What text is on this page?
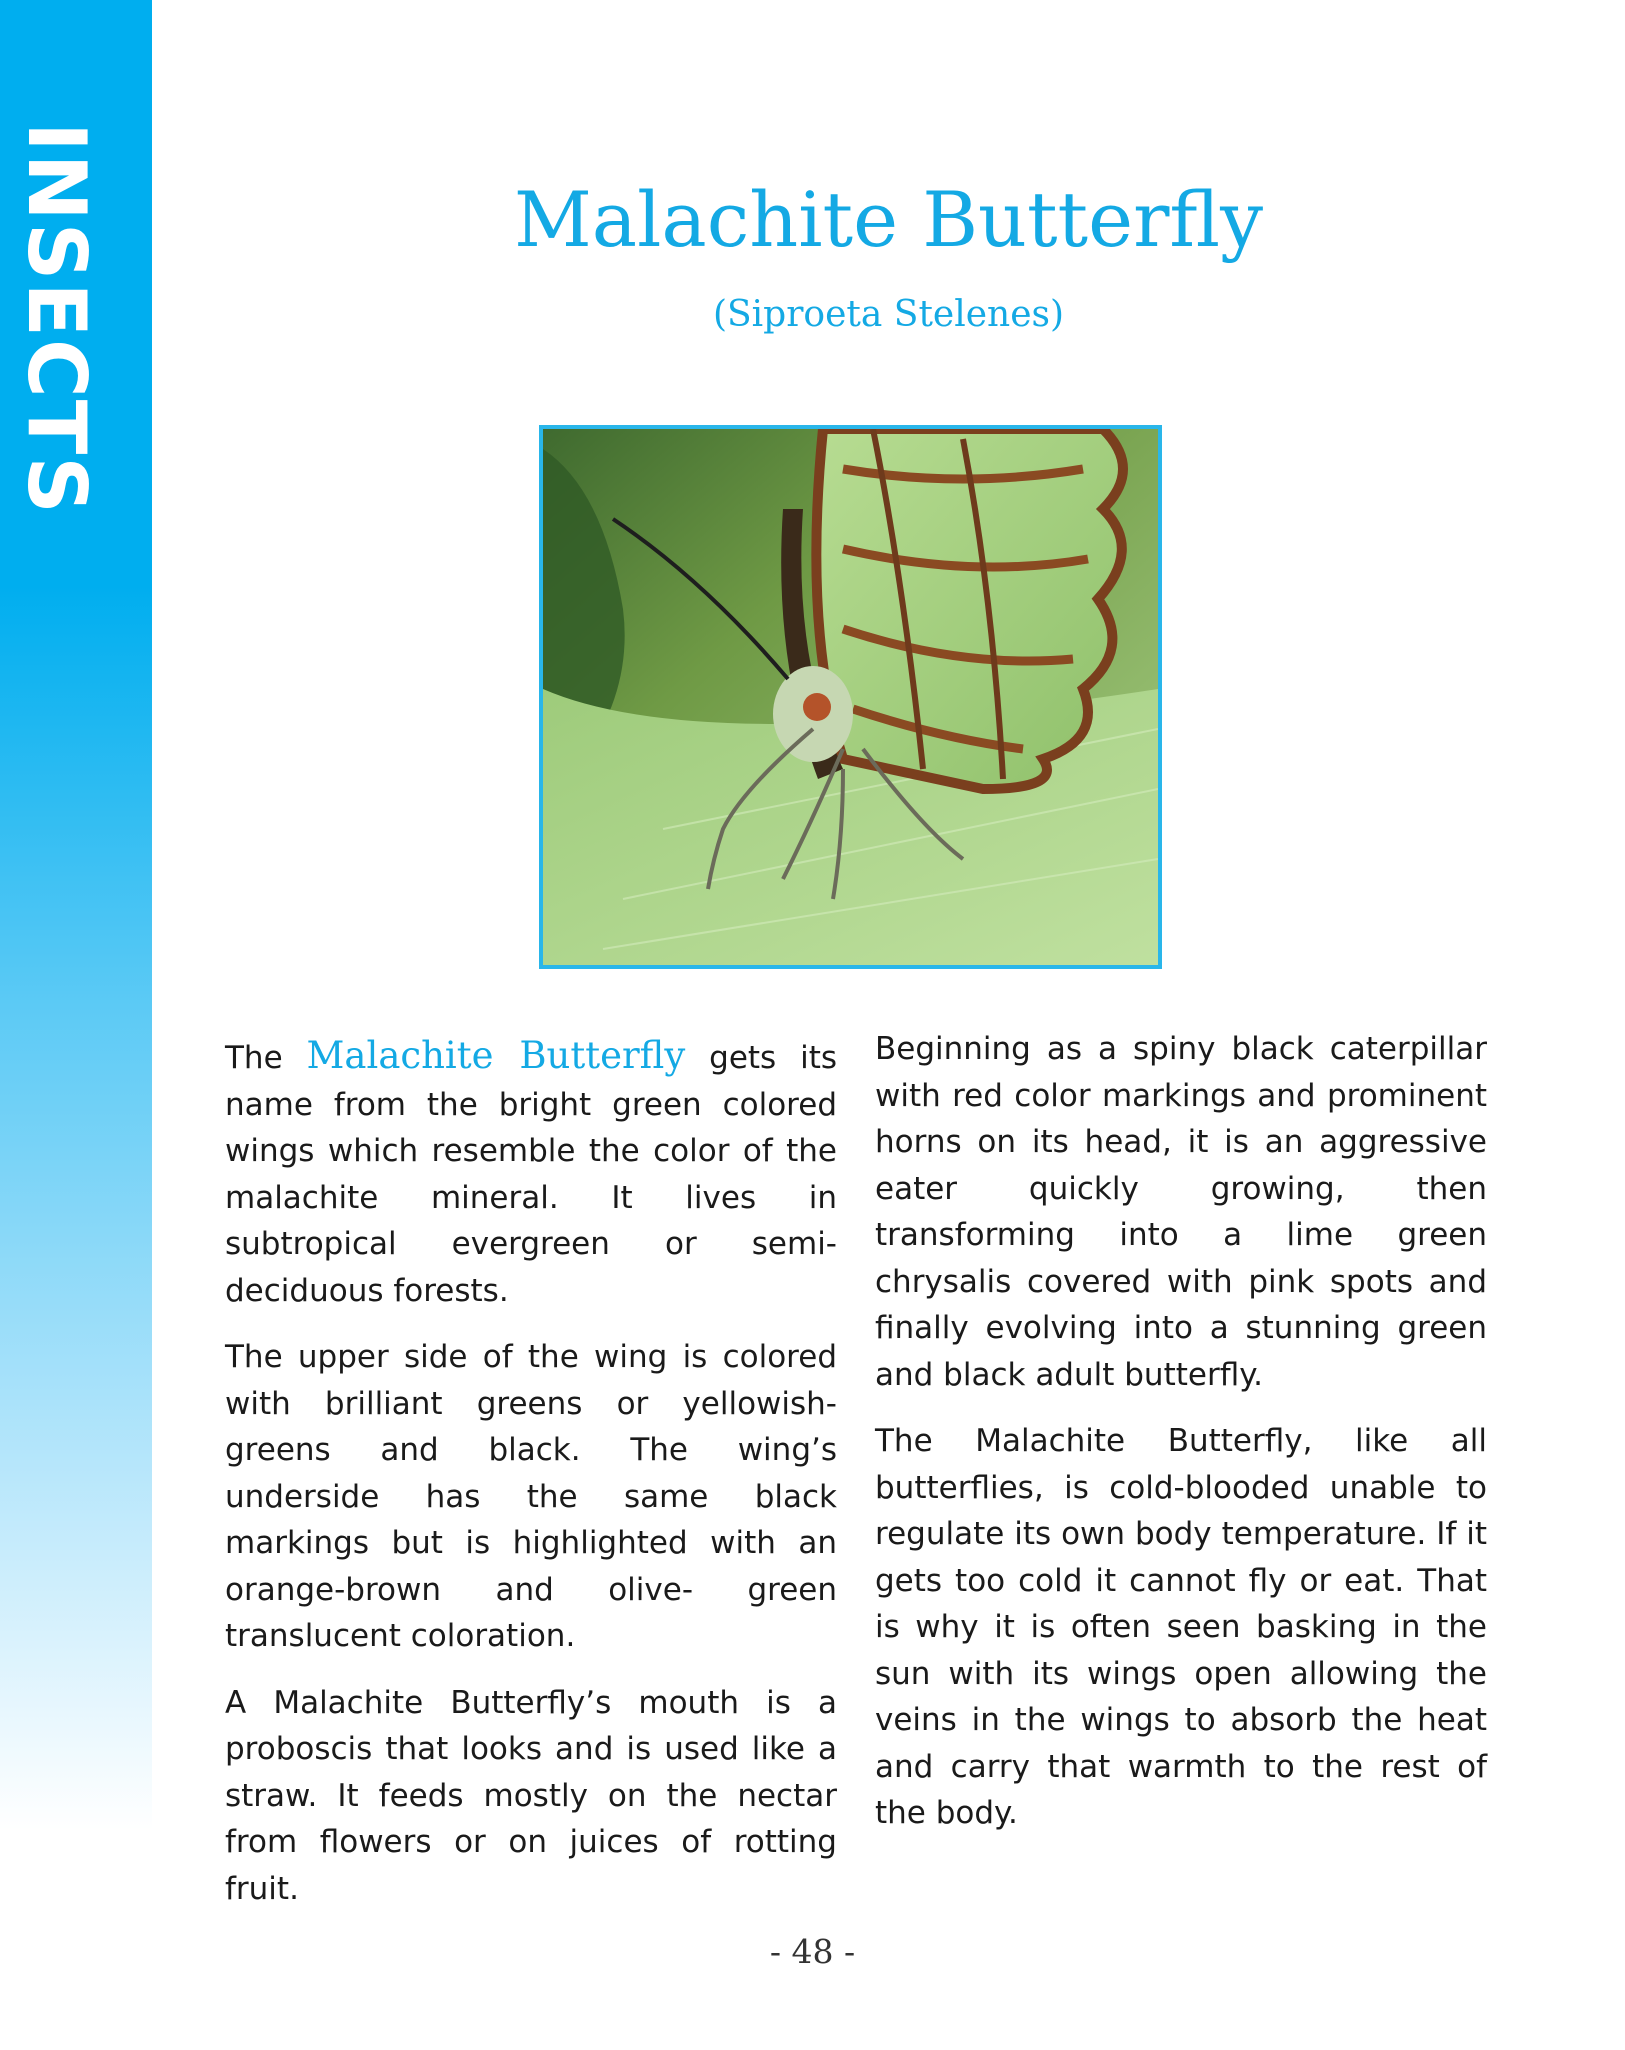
INSECTS	Malachite Butterfly
(Siproeta Stelenes)

The Malachite Butterfly gets its name from the bright green colored wings which resemble the color of the malachite mineral. It lives in subtropical evergreen or semi-deciduous forests.

The upper side of the wing is colored with brilliant greens or yellowish-greens and black. The wing’s underside has the same black markings but is highlighted with an orange-brown and olive- green translucent coloration.

A Malachite Butterfly’s mouth is a proboscis that looks and is used like a straw. It feeds mostly on the nectar from flowers or on juices of rotting fruit.

Beginning as a spiny black caterpillar with red color markings and prominent horns on its head, it is an aggressive eater quickly growing, then transforming into a lime green chrysalis covered with pink spots and finally evolving into a stunning green and black adult butterfly.

The Malachite Butterfly, like all butterflies, is cold-blooded unable to regulate its own body temperature. If it gets too cold it cannot fly or eat. That is why it is often seen basking in the sun with its wings open allowing the veins in the wings to absorb the heat and carry that warmth to the rest of the body.

- 48 -
